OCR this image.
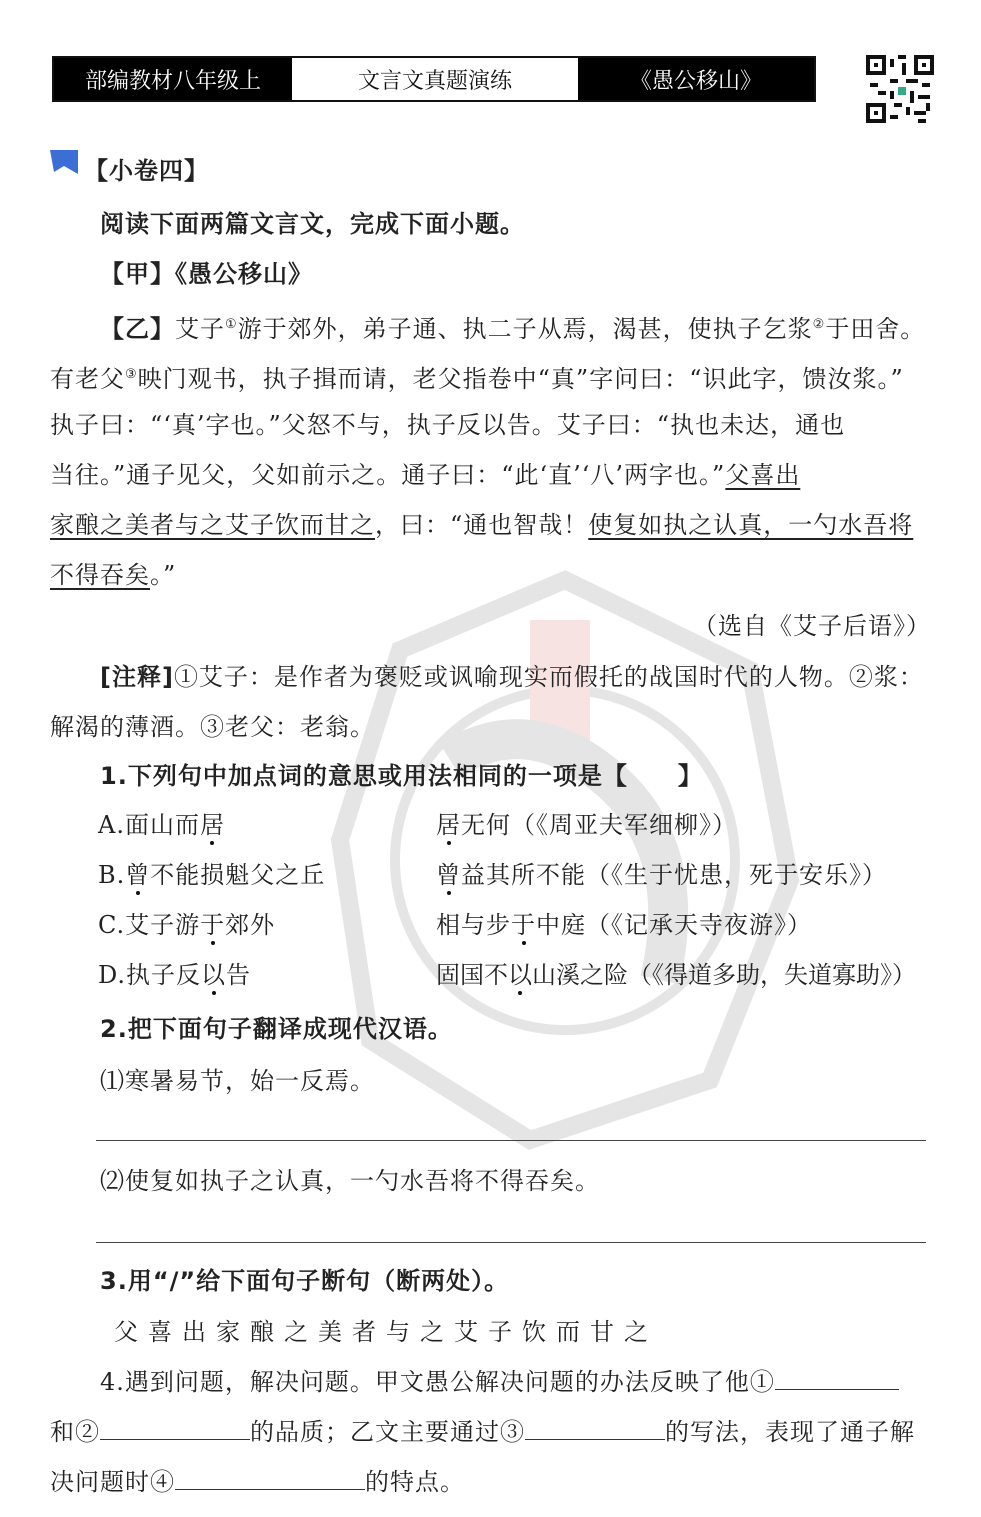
部编教材八年级上	文言文真题演练	《愚公移山》
【小卷四】
阅读下面两篇文言文，完成下面小题。
【甲】《愚公移山》
【乙】艾子①游于郊外，弟子通、执二子从焉，渴甚，使执子乞浆②于田舍。
有老父③映门观书，执子揖而请，老父指卷中“真”字问曰：“识此字，馈汝浆。”
执子曰：“‘真’字也。”父怒不与，执子反以告。艾子曰：“执也未达，通也
当往。”通子见父，父如前示之。通子曰：“此‘直’‘八’两字也。”父喜出
家酿之美者与之艾子饮而甘之，曰：“通也智哉！使复如执之认真，一勺水吾将
不得吞矣。”
（选自《艾子后语》）
[注释]①艾子：是作者为褒贬或讽喻现实而假托的战国时代的人物。②浆：
解渴的薄酒。③老父：老翁。
1.下列句中加点词的意思或用法相同的一项是【　　】
A.面山而居	居无何（《周亚夫军细柳》）
B.曾不能损魁父之丘	曾益其所不能（《生于忧患，死于安乐》）
C.艾子游于郊外	相与步于中庭（《记承天寺夜游》）
D.执子反以告	固国不以山溪之险（《得道多助，失道寡助》）
2.把下面句子翻译成现代汉语。
⑴寒暑易节，始一反焉。
⑵使复如执子之认真，一勺水吾将不得吞矣。
3.用“/”给下面句子断句（断两处）。
父喜出家酿之美者与之艾子饮而甘之
4.遇到问题，解决问题。甲文愚公解决问题的办法反映了他①
和②	的品质；乙文主要通过③	的写法，表现了通子解
决问题时④	的特点。
